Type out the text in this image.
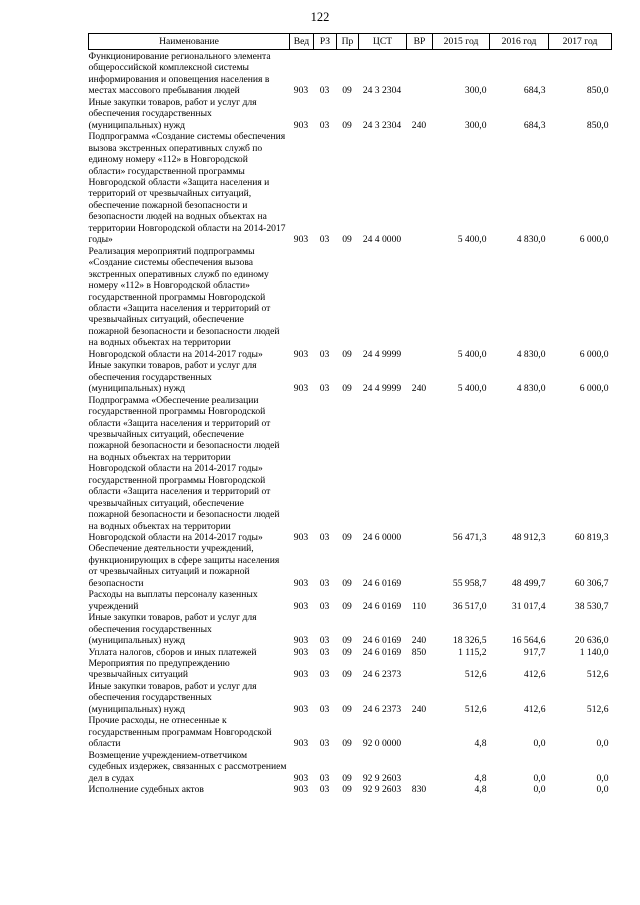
122
Наименование	Вед	РЗ	Пр	ЦСТ	ВР	2015 год	2016 год	2017 год
Функционирование регионального элемента общероссийской комплексной системы информирования и оповещения населения в местах массового пребывания людей	903	03	09	24 3 2304		300,0	684,3	850,0
Иные закупки товаров, работ и услуг для обеспечения государственных (муниципальных) нужд	903	03	09	24 3 2304	240	300,0	684,3	850,0
Подпрограмма «Создание системы обеспечения вызова экстренных оперативных служб по единому номеру «112» в Новгородской области» государственной программы Новгородской области «Защита населения и территорий от чрезвычайных ситуаций, обеспечение пожарной безопасности и безопасности людей на водных объектах на территории Новгородской области на 2014-2017 годы»	903	03	09	24 4 0000		5 400,0	4 830,0	6 000,0
Реализация мероприятий подпрограммы «Создание системы обеспечения вызова экстренных оперативных служб по единому номеру «112» в Новгородской области» государственной программы Новгородской области «Защита населения и территорий от чрезвычайных ситуаций, обеспечение пожарной безопасности и безопасности людей на водных объектах на территории Новгородской области на 2014-2017 годы»	903	03	09	24 4 9999		5 400,0	4 830,0	6 000,0
Иные закупки товаров, работ и услуг для обеспечения государственных (муниципальных) нужд	903	03	09	24 4 9999	240	5 400,0	4 830,0	6 000,0
Подпрограмма «Обеспечение реализации государственной программы Новгородской области «Защита населения и территорий от чрезвычайных ситуаций, обеспечение пожарной безопасности и безопасности людей на водных объектах на территории Новгородской области на 2014-2017 годы» государственной программы Новгородской области «Защита населения и территорий от чрезвычайных ситуаций, обеспечение пожарной безопасности и безопасности людей на водных объектах на территории Новгородской области на 2014-2017 годы»	903	03	09	24 6 0000		56 471,3	48 912,3	60 819,3
Обеспечение деятельности учреждений, функционирующих в сфере защиты населения от чрезвычайных ситуаций и пожарной безопасности	903	03	09	24 6 0169		55 958,7	48 499,7	60 306,7
Расходы на выплаты персоналу казенных учреждений	903	03	09	24 6 0169	110	36 517,0	31 017,4	38 530,7
Иные закупки товаров, работ и услуг для обеспечения государственных (муниципальных) нужд	903	03	09	24 6 0169	240	18 326,5	16 564,6	20 636,0
Уплата налогов, сборов и иных платежей	903	03	09	24 6 0169	850	1 115,2	917,7	1 140,0
Мероприятия по предупреждению чрезвычайных ситуаций	903	03	09	24 6 2373		512,6	412,6	512,6
Иные закупки товаров, работ и услуг для обеспечения государственных (муниципальных) нужд	903	03	09	24 6 2373	240	512,6	412,6	512,6
Прочие расходы, не отнесенные к государственным программам Новгородской области	903	03	09	92 0 0000		4,8	0,0	0,0
Возмещение учреждением-ответчиком судебных издержек, связанных с рассмотрением дел в судах	903	03	09	92 9 2603		4,8	0,0	0,0
Исполнение судебных актов	903	03	09	92 9 2603	830	4,8	0,0	0,0
